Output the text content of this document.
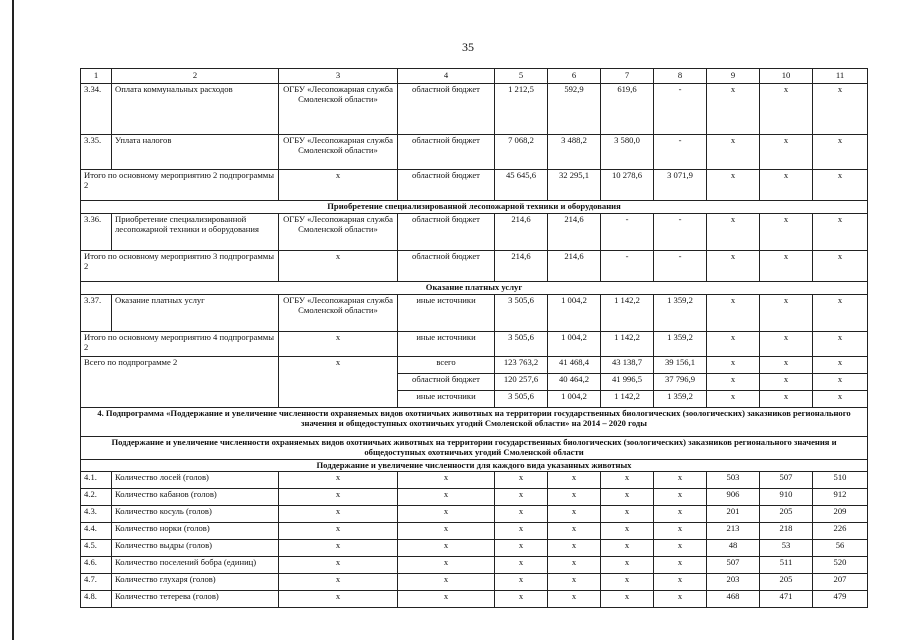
35
1	2	3	4	5	6	7	8	9	10	11
3.34.	Оплата коммунальных расходов	ОГБУ «Лесопожарная служба Смоленской области»	областной бюджет	1 212,5	592,9	619,6	-	х	х	х
3.35.	Уплата налогов	ОГБУ «Лесопожарная служба Смоленской области»	областной бюджет	7 068,2	3 488,2	3 580,0	-	х	х	х
Итого по основному мероприятию 2 подпрограммы 2		х	областной бюджет	45 645,6	32 295,1	10 278,6	3 071,9	х	х	х
Приобретение специализированной лесопожарной техники и оборудования										
3.36.	Приобретение специализированной лесопожарной техники и оборудования	ОГБУ «Лесопожарная служба Смоленской области»	областной бюджет	214,6	214,6	-	-	х	х	х
Итого по основному мероприятию 3 подпрограммы 2		х	областной бюджет	214,6	214,6	-	-	х	х	х
Оказание платных услуг										
3.37.	Оказание платных услуг	ОГБУ «Лесопожарная служба Смоленской области»	иные источники	3 505,6	1 004,2	1 142,2	1 359,2	х	х	х
Итого по основному мероприятию 4 подпрограммы 2		х	иные источники	3 505,6	1 004,2	1 142,2	1 359,2	х	х	х
Всего по подпрограмме 2		х	всего	123 763,2	41 468,4	43 138,7	39 156,1	х	х	х
			областной бюджет	120 257,6	40 464,2	41 996,5	37 796,9	х	х	х
			иные источники	3 505,6	1 004,2	1 142,2	1 359,2	х	х	х
4. Подпрограмма «Поддержание и увеличение численности охраняемых видов охотничьих животных на территории государственных биологических (зоологических) заказников регионального значения и общедоступных охотничьих угодий Смоленской области» на 2014 – 2020 годы										
Поддержание и увеличение численности охраняемых видов охотничьих животных на территории государственных биологических (зоологических) заказников регионального значения и общедоступных охотничьих угодий Смоленской области										
Поддержание и увеличение численности для каждого вида указанных животных										
4.1.	Количество лосей (голов)	х	х	х	х	х	х	503	507	510
4.2.	Количество кабанов (голов)	х	х	х	х	х	х	906	910	912
4.3.	Количество косуль (голов)	х	х	х	х	х	х	201	205	209
4.4.	Количество норки (голов)	х	х	х	х	х	х	213	218	226
4.5.	Количество выдры (голов)	х	х	х	х	х	х	48	53	56
4.6.	Количество поселений бобра (единиц)	х	х	х	х	х	х	507	511	520
4.7.	Количество глухаря (голов)	х	х	х	х	х	х	203	205	207
4.8.	Количество тетерева (голов)	х	х	х	х	х	х	468	471	479
